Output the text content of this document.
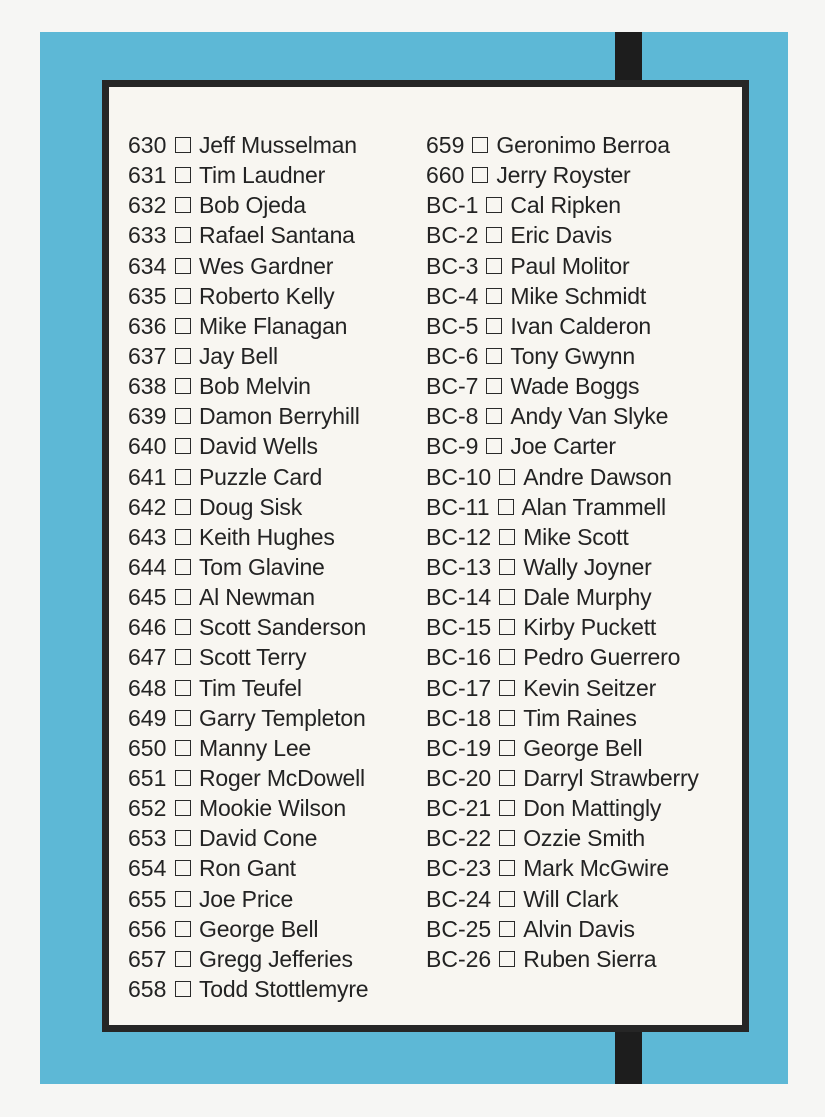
630 Jeff Musselman
631 Tim Laudner
632 Bob Ojeda
633 Rafael Santana
634 Wes Gardner
635 Roberto Kelly
636 Mike Flanagan
637 Jay Bell
638 Bob Melvin
639 Damon Berryhill
640 David Wells
641 Puzzle Card
642 Doug Sisk
643 Keith Hughes
644 Tom Glavine
645 Al Newman
646 Scott Sanderson
647 Scott Terry
648 Tim Teufel
649 Garry Templeton
650 Manny Lee
651 Roger McDowell
652 Mookie Wilson
653 David Cone
654 Ron Gant
655 Joe Price
656 George Bell
657 Gregg Jefferies
658 Todd Stottlemyre
659 Geronimo Berroa
660 Jerry Royster
BC-1 Cal Ripken
BC-2 Eric Davis
BC-3 Paul Molitor
BC-4 Mike Schmidt
BC-5 Ivan Calderon
BC-6 Tony Gwynn
BC-7 Wade Boggs
BC-8 Andy Van Slyke
BC-9 Joe Carter
BC-10 Andre Dawson
BC-11 Alan Trammell
BC-12 Mike Scott
BC-13 Wally Joyner
BC-14 Dale Murphy
BC-15 Kirby Puckett
BC-16 Pedro Guerrero
BC-17 Kevin Seitzer
BC-18 Tim Raines
BC-19 George Bell
BC-20 Darryl Strawberry
BC-21 Don Mattingly
BC-22 Ozzie Smith
BC-23 Mark McGwire
BC-24 Will Clark
BC-25 Alvin Davis
BC-26 Ruben Sierra
